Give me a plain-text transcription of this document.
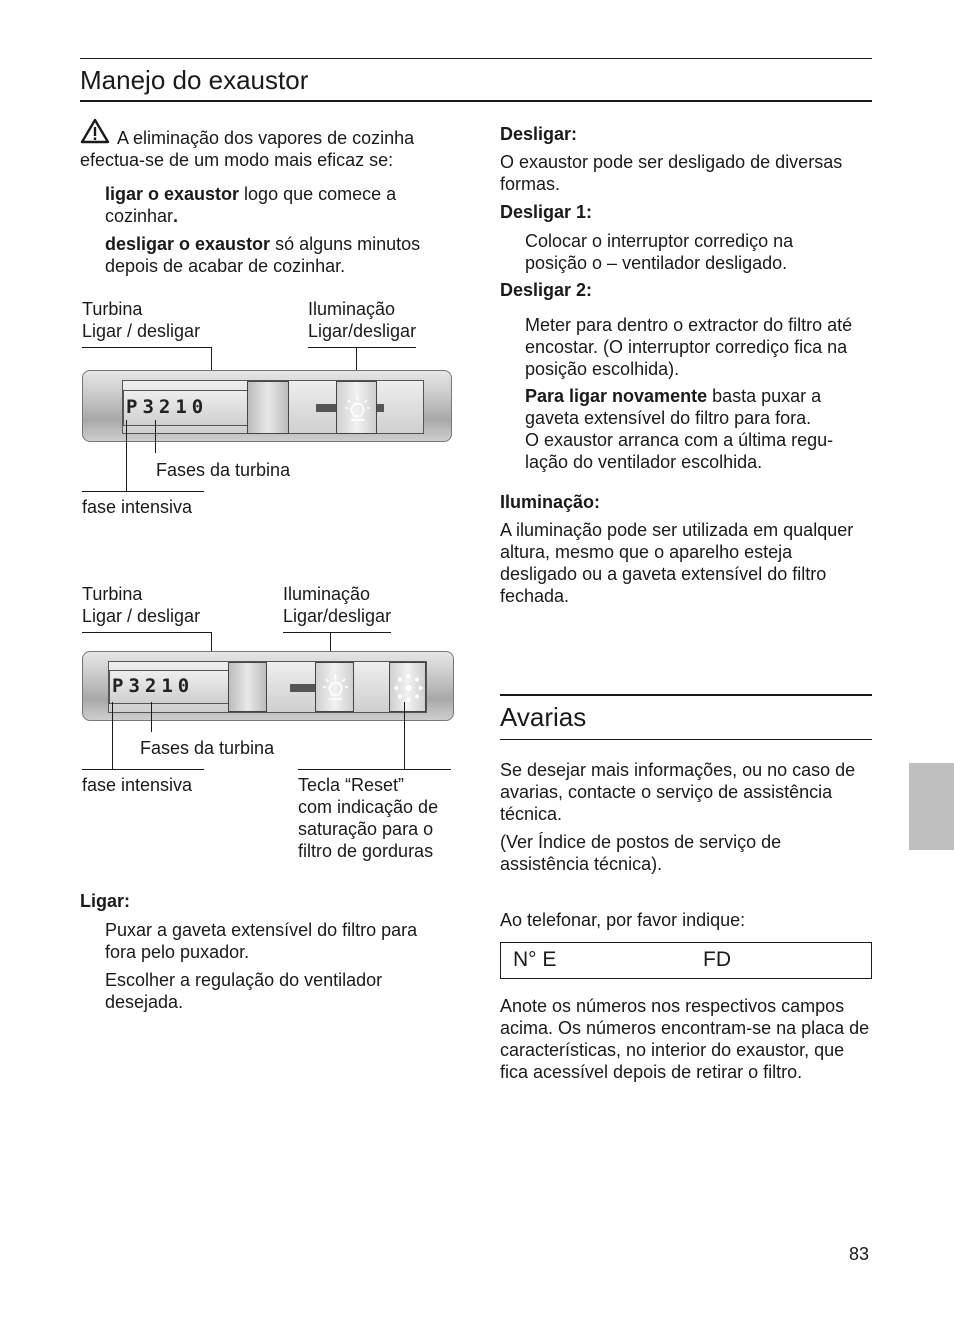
Manejo do exaustor
A eliminação dos vapores de cozinha efectua-se de um modo mais eficaz se:
ligar o exaustor logo que comece a cozinhar.
desligar o exaustor só alguns minutos depois de acabar de cozinhar.
Turbina
Ligar / desligar
Iluminação
Ligar/desligar
P3210
Fases da turbina
fase intensiva
Turbina
Ligar / desligar
Iluminação
Ligar/desligar
P3210
Fases da turbina
fase intensiva	Tecla “Reset”
com indicação de
saturação para o
filtro de gorduras
Ligar:
Puxar a gaveta extensível do filtro para fora pelo puxador.
Escolher a regulação do ventilador desejada.
Desligar:
O exaustor pode ser desligado de diversas formas.
Desligar 1:
Colocar o interruptor corrediço na posição o – ventilador desligado.
Desligar 2:
Meter para dentro o extractor do filtro até encostar. (O interruptor corrediço fica na posição escolhida).
Para ligar novamente basta puxar a gaveta extensível do filtro para fora.
O exaustor arranca com a última regu- lação do ventilador escolhida.
Iluminação:
A iluminação pode ser utilizada em qualquer altura, mesmo que o aparelho esteja desligado ou a gaveta extensível do filtro fechada.
Avarias
Se desejar mais informações, ou no caso de avarias, contacte o serviço de assistência técnica.
(Ver Índice de postos de serviço de assistência técnica).
Ao telefonar, por favor indique:
N° E	FD
Anote os números nos respectivos campos acima. Os números encontram-se na placa de características, no interior do exaustor, que fica acessível depois de retirar o filtro.
83
